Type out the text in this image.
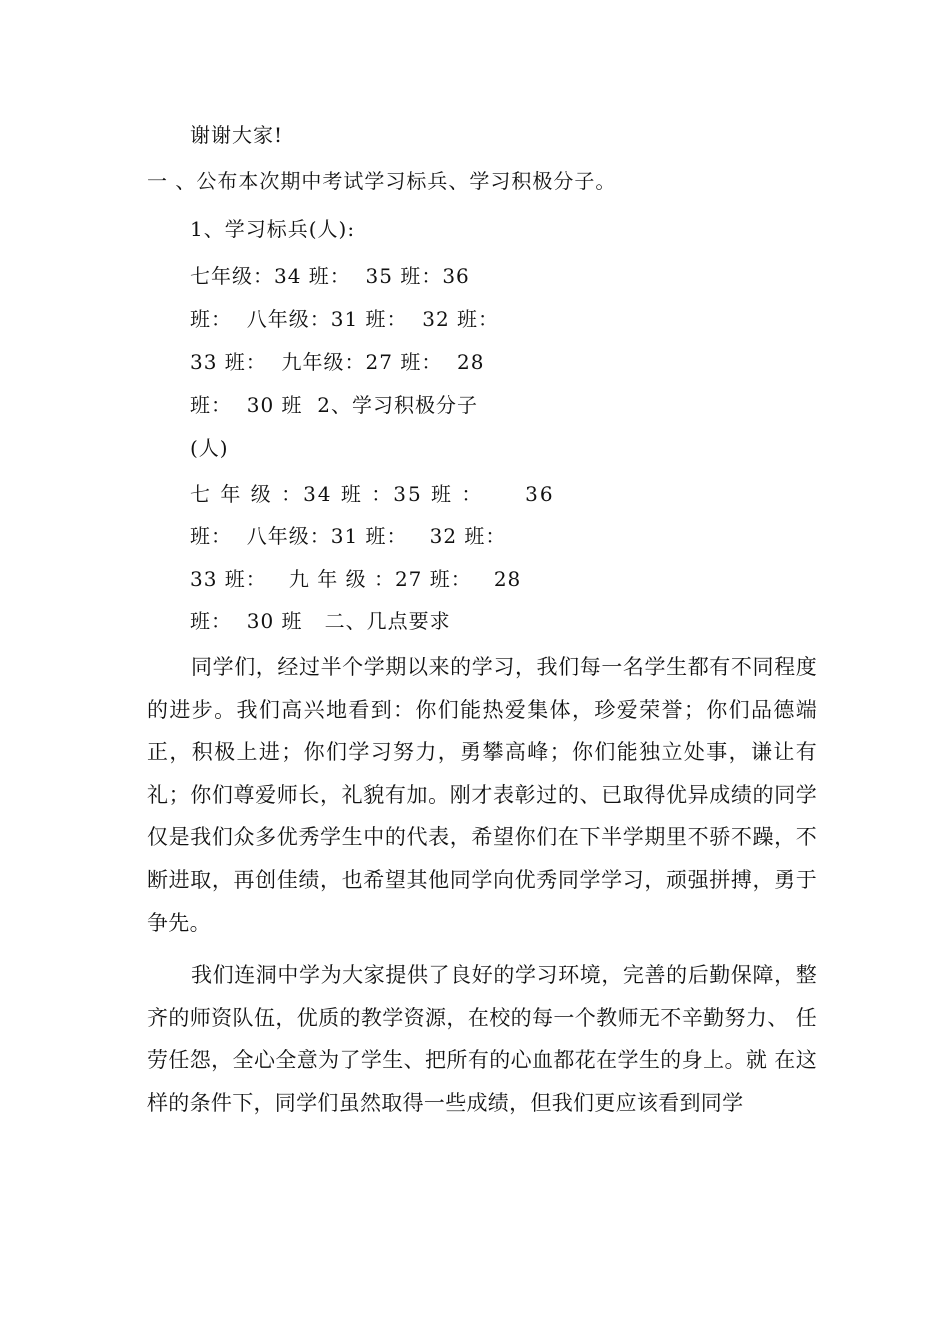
谢谢大家!

一 、公布本次期中考试学习标兵、学习积极分子。

1、学习标兵(人):

七年级：34 班：  35 班：36

班：  八年级：31 班：  32 班：

33 班：  九年级：27 班：  28

班：  30 班  2、学习积极分子

(人)

七 年 级 ：34 班 ：35 班 ：     36

班：  八年级：31 班：   32 班：

33 班：   九 年 级 ：27 班：   28

班：  30 班   二、几点要求

同学们，经过半个学期以来的学习，我们每一名学生都有不同程度的进步。我们高兴地看到：你们能热爱集体，珍爱荣誉；你们品德端正，积极上进；你们学习努力，勇攀高峰；你们能独立处事，谦让有礼；你们尊爱师长，礼貌有加。刚才表彰过的、已取得优异成绩的同学仅是我们众多优秀学生中的代表，希望你们在下半学期里不骄不躁，不断进取，再创佳绩，也希望其他同学向优秀同学学习，顽强拼搏，勇于争先。

我们连洞中学为大家提供了良好的学习环境，完善的后勤保障，整齐的师资队伍，优质的教学资源，在校的每一个教师无不辛勤努力、 任劳任怨，全心全意为了学生、把所有的心血都花在学生的身上。就 在这样的条件下，同学们虽然取得一些成绩，但我们更应该看到同学
